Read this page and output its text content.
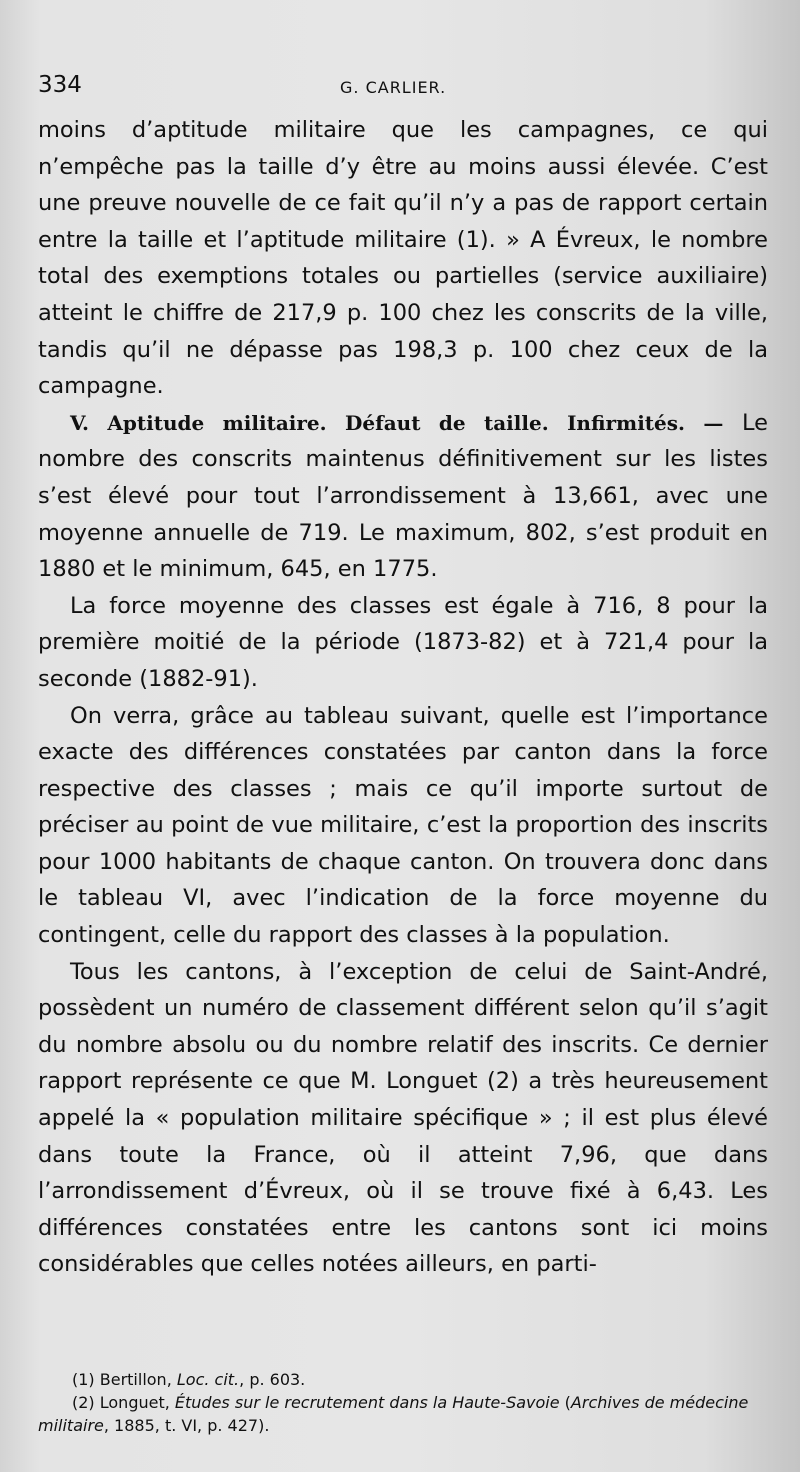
334	G. CARLIER.

moins d’aptitude militaire que les campagnes, ce qui n’empêche pas la taille d’y être au moins aussi élevée. C’est une preuve nouvelle de ce fait qu’il n’y a pas de rapport certain entre la taille et l’aptitude militaire (1). » A Évreux, le nombre total des exemptions totales ou partielles (service auxiliaire) atteint le chiffre de 217,9 p. 100 chez les conscrits de la ville, tandis qu’il ne dépasse pas 198,3 p. 100 chez ceux de la campagne.

V. Aptitude militaire. Défaut de taille. Infirmités. — Le nombre des conscrits maintenus définitivement sur les listes s’est élevé pour tout l’arrondissement à 13,661, avec une moyenne annuelle de 719. Le maximum, 802, s’est produit en 1880 et le minimum, 645, en 1775.

La force moyenne des classes est égale à 716, 8 pour la première moitié de la période (1873-82) et à 721,4 pour la seconde (1882-91).

On verra, grâce au tableau suivant, quelle est l’importance exacte des différences constatées par canton dans la force respective des classes ; mais ce qu’il importe surtout de préciser au point de vue militaire, c’est la proportion des inscrits pour 1000 habitants de chaque canton. On trouvera donc dans le tableau VI, avec l’indication de la force moyenne du contingent, celle du rapport des classes à la population.

Tous les cantons, à l’exception de celui de Saint-André, possèdent un numéro de classement différent selon qu’il s’agit du nombre absolu ou du nombre relatif des inscrits. Ce dernier rapport représente ce que M. Longuet (2) a très heureusement appelé la « population militaire spécifique » ; il est plus élevé dans toute la France, où il atteint 7,96, que dans l’arrondissement d’Évreux, où il se trouve fixé à 6,43. Les différences constatées entre les cantons sont ici moins considérables que celles notées ailleurs, en parti-

(1) Bertillon, Loc. cit., p. 603.

(2) Longuet, Études sur le recrutement dans la Haute-Savoie (Archives de médecine militaire, 1885, t. VI, p. 427).
